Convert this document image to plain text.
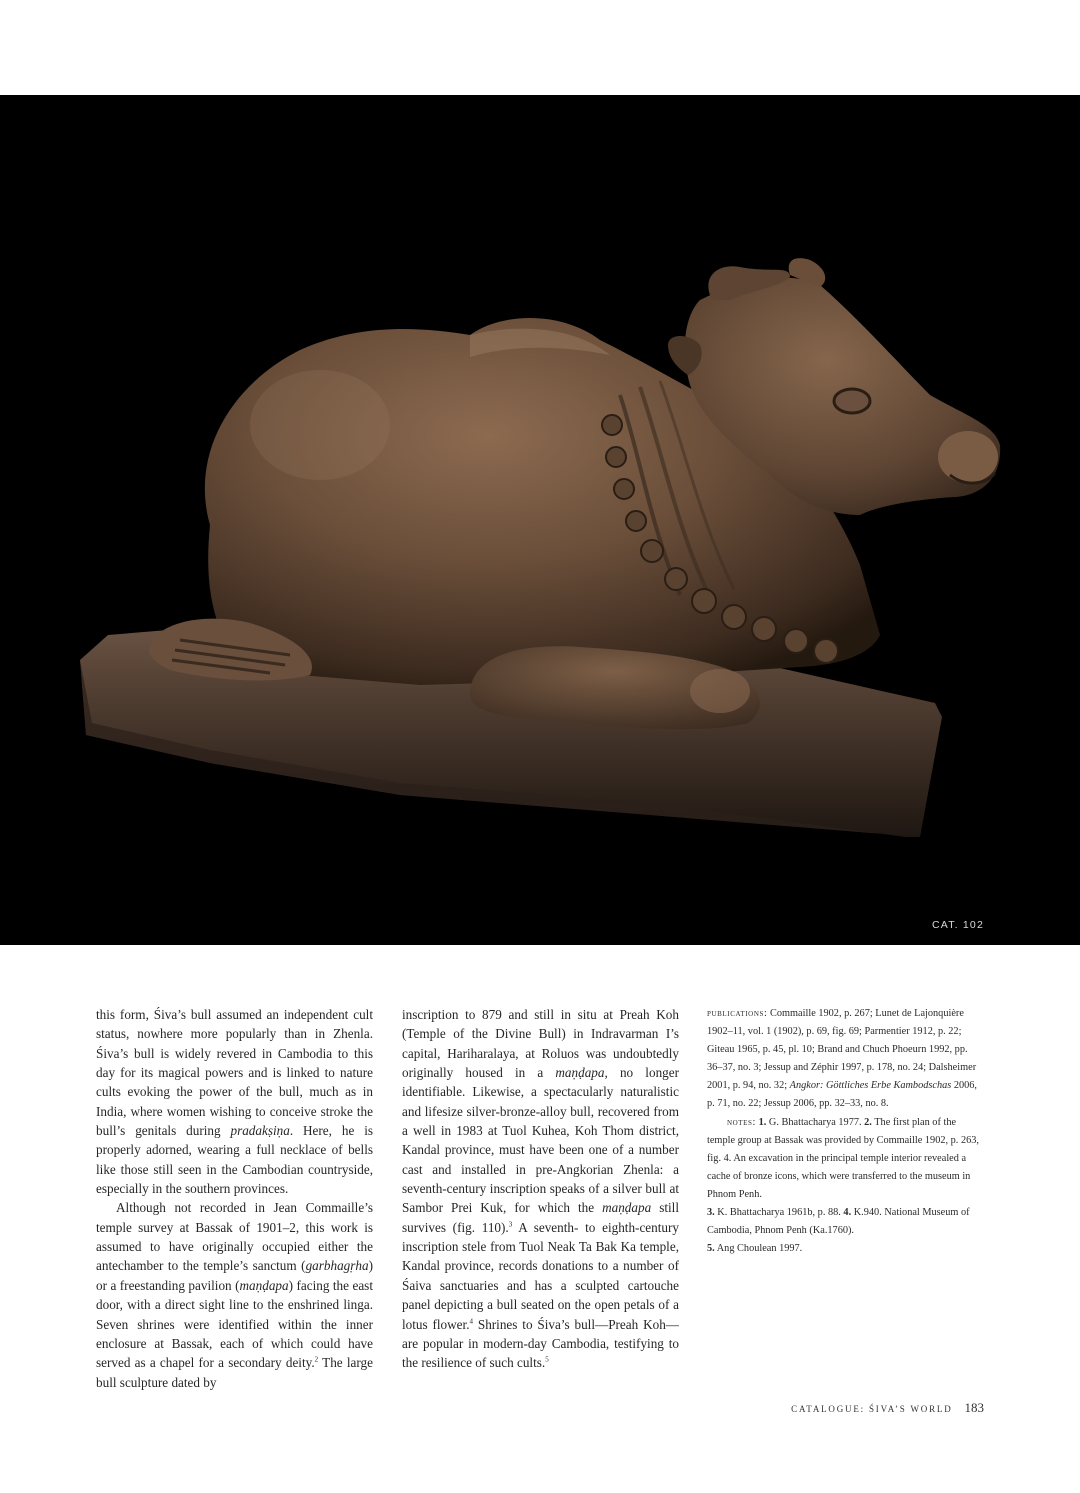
CAT. 102

this form, Śiva’s bull assumed an independent cult status, nowhere more popularly than in Zhenla. Śiva’s bull is widely revered in Cambodia to this day for its magical powers and is linked to nature cults evoking the power of the bull, much as in India, where women wishing to conceive stroke the bull’s genitals during pradakṣiṇa. Here, he is properly adorned, wearing a full necklace of bells like those still seen in the Cambodian countryside, especially in the southern provinces.

Although not recorded in Jean Commaille’s temple survey at Bassak of 1901–2, this work is assumed to have originally occupied either the antechamber to the temple’s sanctum (garbhagṛha) or a freestanding pavilion (maṇḍapa) facing the east door, with a direct sight line to the enshrined linga. Seven shrines were identified within the inner enclosure at Bassak, each of which could have served as a chapel for a secondary deity.$^2$ The large bull sculpture dated by

inscription to 879 and still in situ at Preah Koh (Temple of the Divine Bull) in Indravarman I’s capital, Hariharalaya, at Roluos was undoubtedly originally housed in a maṇḍapa, no longer identifiable. Likewise, a spectacularly naturalistic and lifesize silver-bronze-alloy bull, recovered from a well in 1983 at Tuol Kuhea, Koh Thom district, Kandal province, must have been one of a number cast and installed in pre-Angkorian Zhenla: a seventh-century inscription speaks of a silver bull at Sambor Prei Kuk, for which the maṇḍapa still survives (fig. 110).$^3$ A seventh- to eighth-century inscription stele from Tuol Neak Ta Bak Ka temple, Kandal province, records donations to a number of Śaiva sanctuaries and has a sculpted cartouche panel depicting a bull seated on the open petals of a lotus flower.$^4$ Shrines to Śiva’s bull—Preah Koh—are popular in modern-day Cambodia, testifying to the resilience of such cults.$^5$

publications: Commaille 1902, p. 267; Lunet de Lajonquière 1902–11, vol. 1 (1902), p. 69, fig. 69; Parmentier 1912, p. 22; Giteau 1965, p. 45, pl. 10; Brand and Chuch Phoeurn 1992, pp. 36–37, no. 3; Jessup and Zéphir 1997, p. 178, no. 24; Dalsheimer 2001, p. 94, no. 32; Angkor: Göttliches Erbe Kambodschas 2006, p. 71, no. 22; Jessup 2006, pp. 32–33, no. 8.

notes: 1. G. Bhattacharya 1977. 2. The first plan of the temple group at Bassak was provided by Commaille 1902, p. 263, fig. 4. An excavation in the principal temple interior revealed a cache of bronze icons, which were transferred to the museum in Phnom Penh.
3. K. Bhattacharya 1961b, p. 88. 4. K.940. National Museum of Cambodia, Phnom Penh (Ka.1760).
5. Ang Choulean 1997.

CATALOGUE: ŚIVA’S WORLD 183
